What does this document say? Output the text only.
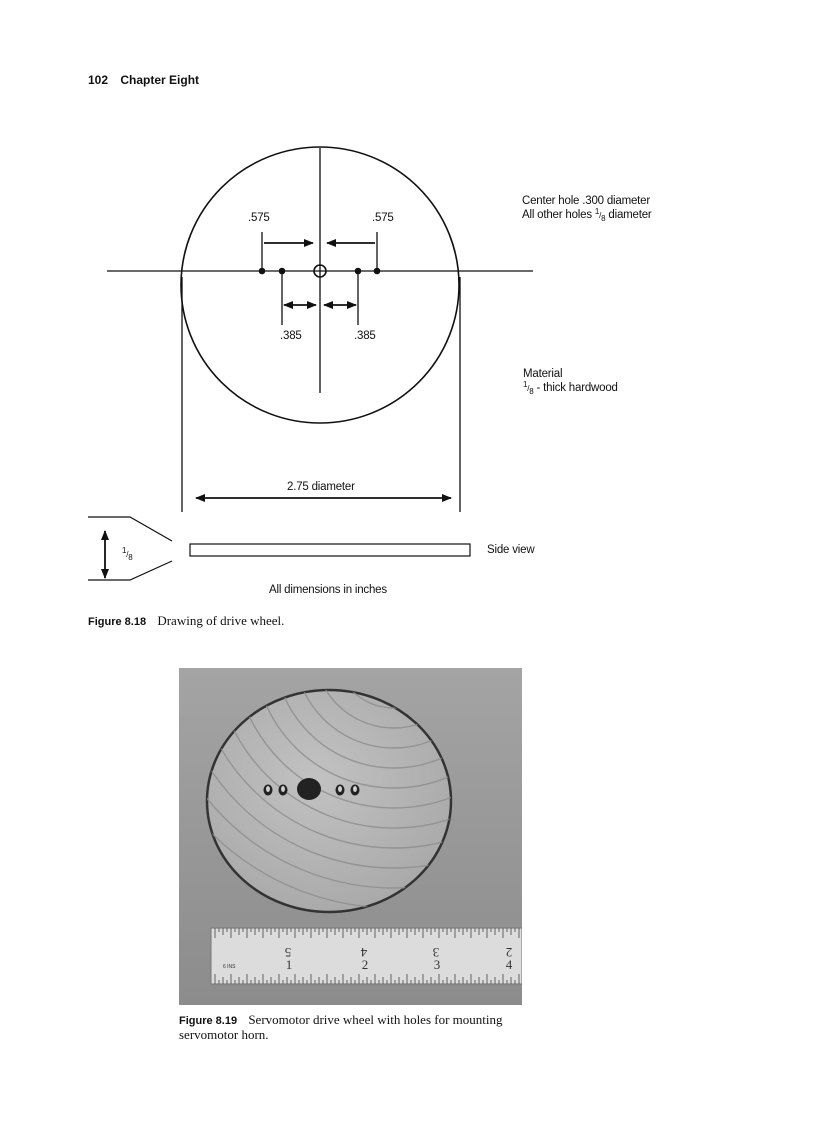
102 Chapter Eight
.575	.575
.385	.385
2.75 diameter
Center hole .300 diameter
All other holes 1/8 diameter
Material
1/8 - thick hardwood
1/8
Side view
All dimensions in inches
Figure 8.18 Drawing of drive wheel.
5	4	3	2
1	2	3	4
6 INS
Figure 8.19 Servomotor drive wheel with holes for mounting servomotor horn.
